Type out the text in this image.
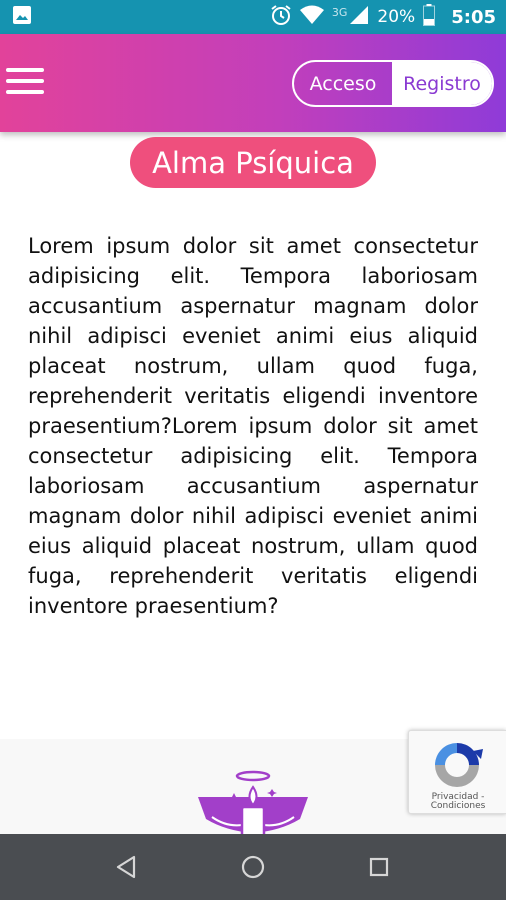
3G 20% 5:05
Acceso	Registro
Alma Psíquica

Lorem ipsum dolor sit amet consectetur adipisicing elit. Tempora laboriosam accusantium aspernatur magnam dolor nihil adipisci eveniet animi eius aliquid placeat nostrum, ullam quod fuga, reprehenderit veritatis eligendi inventore praesentium?Lorem ipsum dolor sit amet consectetur adipisicing elit. Tempora laboriosam accusantium aspernatur magnam dolor nihil adipisci eveniet animi eius aliquid placeat nostrum, ullam quod fuga, reprehenderit veritatis eligendi inventore praesentium?

Privacidad - Condiciones
